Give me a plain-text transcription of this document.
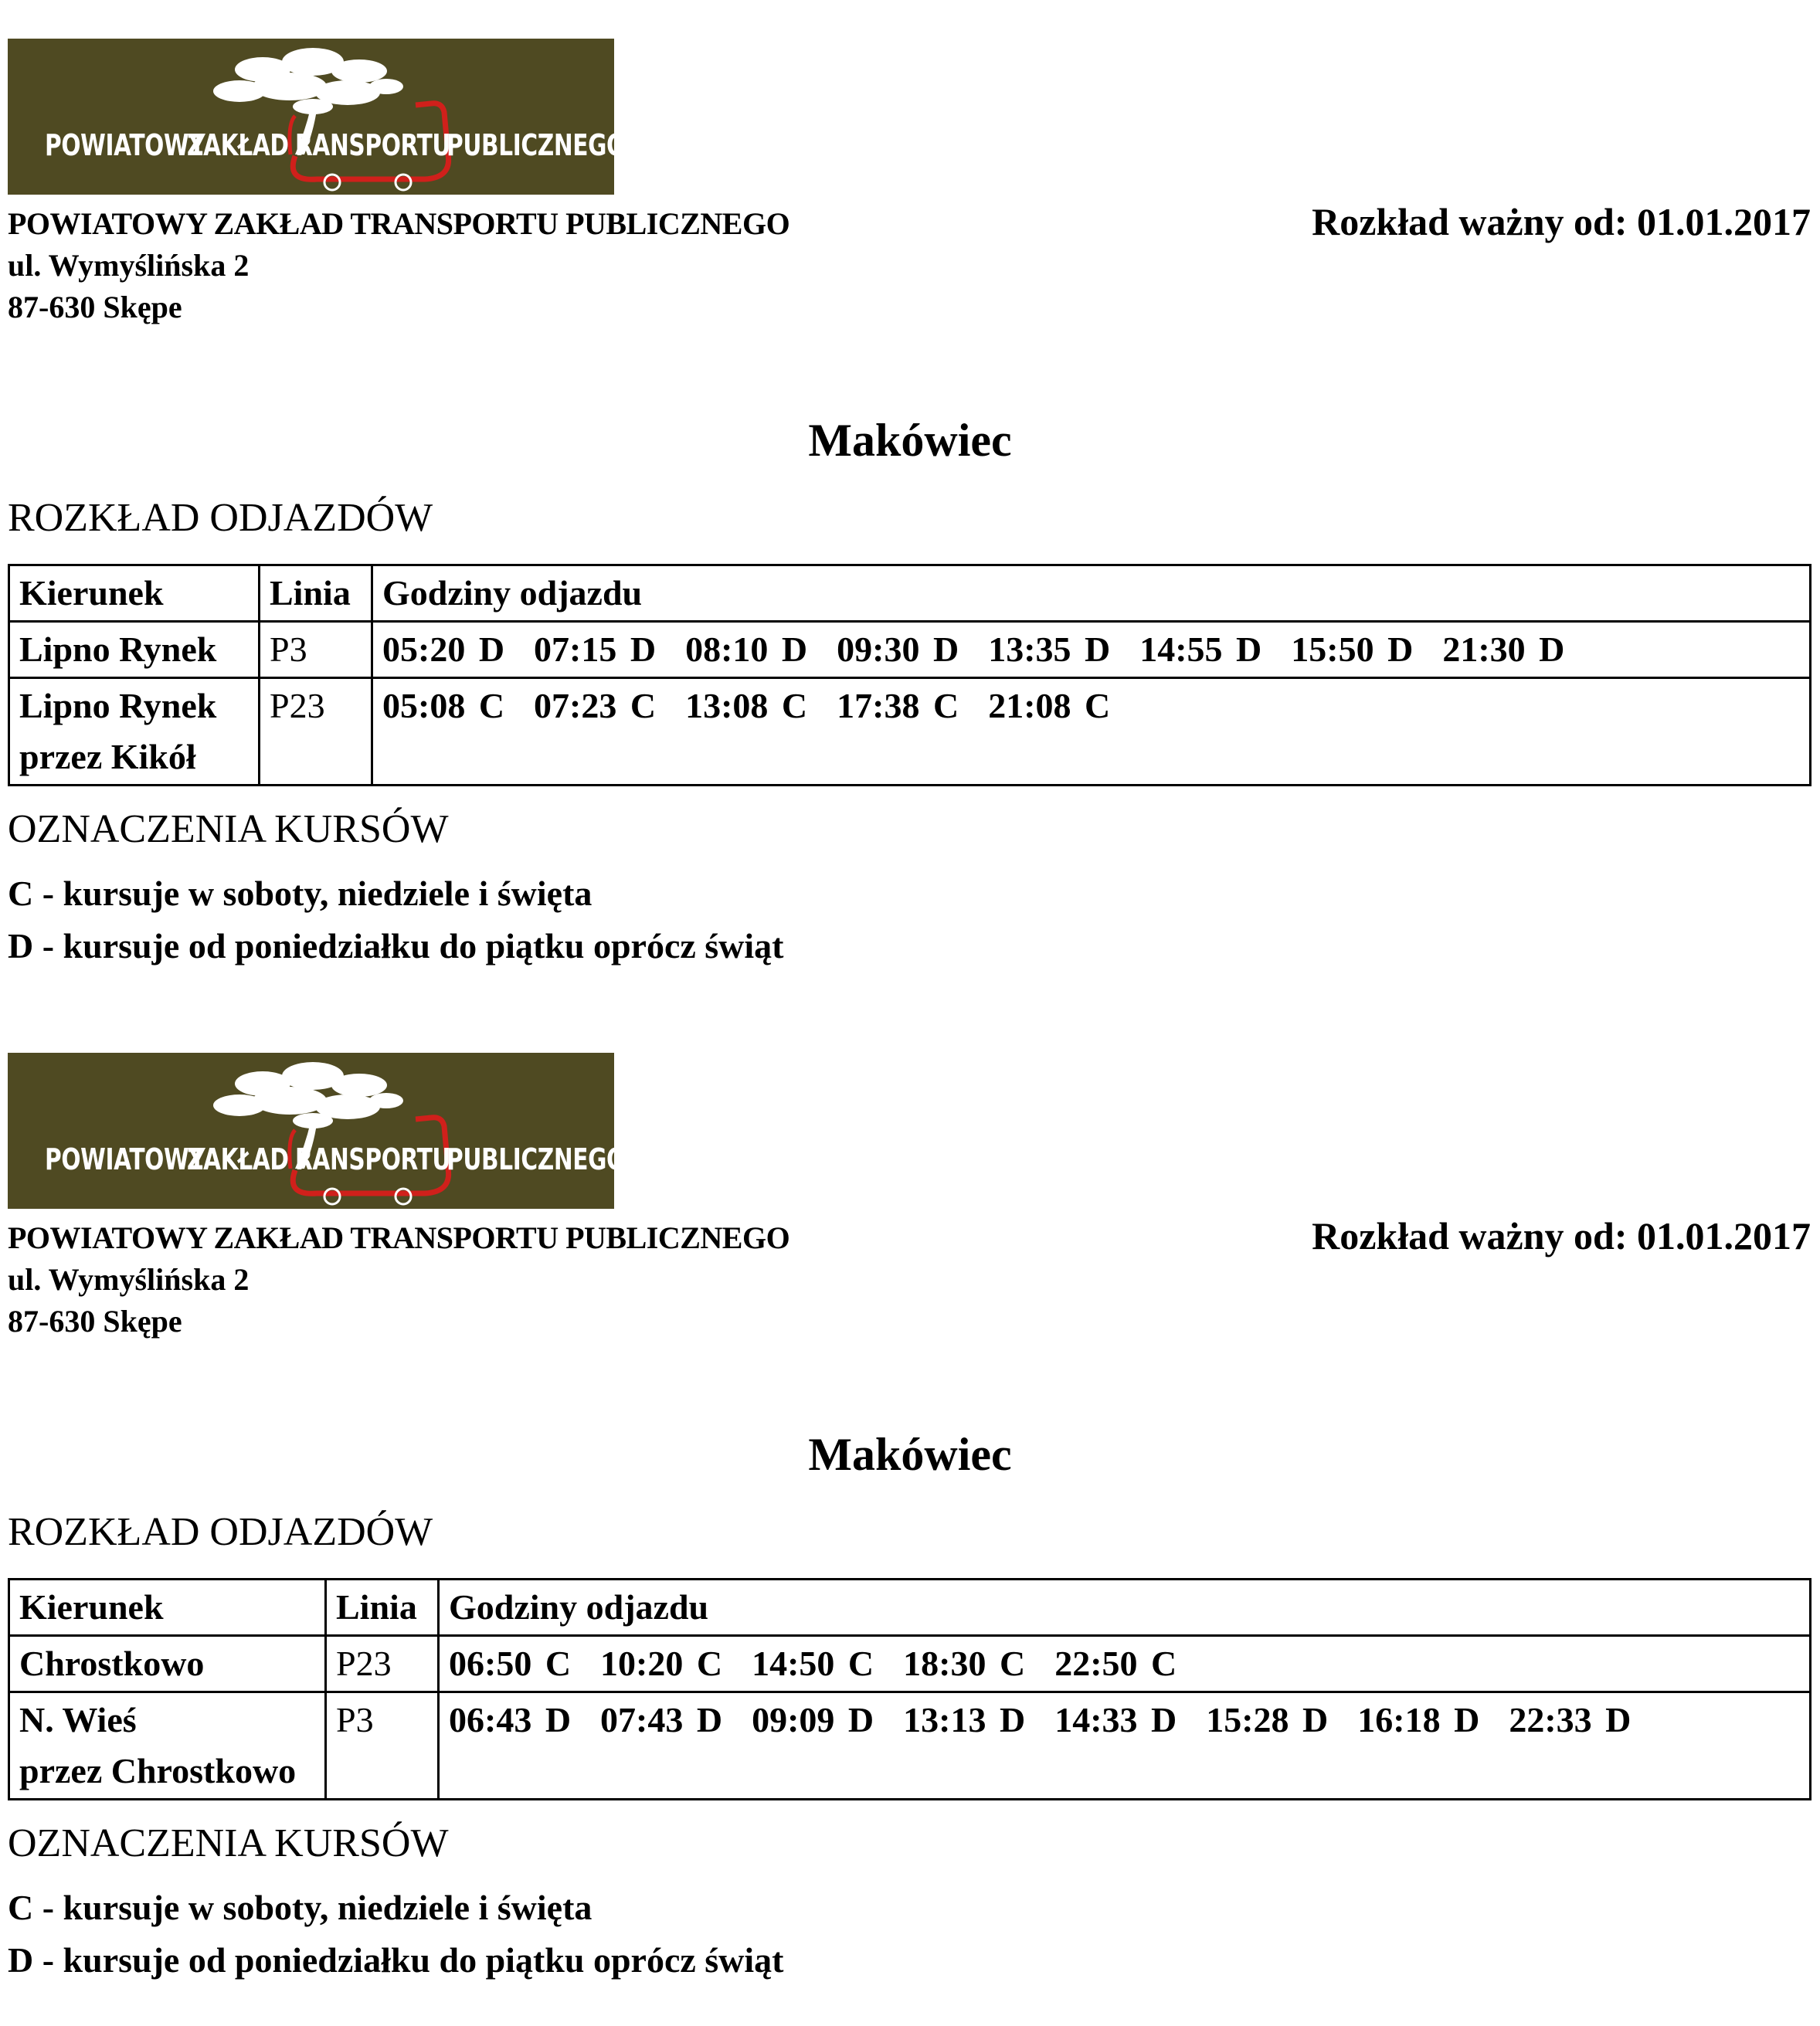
POWIATOWY
ZAKŁAD RANSPORTU
PUBLICZNEGO
POWIATOWY ZAKŁAD TRANSPORTU PUBLICZNEGO
ul. Wymyślińska 2
87-630 Skępe
Rozkład ważny od: 01.01.2017
Makówiec
ROZKŁAD ODJAZDÓW
Kierunek	Linia	Godziny odjazdu
Lipno Rynek	P3	05:20 D 07:15 D 08:10 D 09:30 D 13:35 D 14:55 D 15:50 D 21:30 D
Lipno Rynek
przez Kikół	P23	05:08 C 07:23 C 13:08 C 17:38 C 21:08 C
OZNACZENIA KURSÓW
C - kursuje w soboty, niedziele i święta
D - kursuje od poniedziałku do piątku oprócz świąt
POWIATOWY
ZAKŁAD RANSPORTU
PUBLICZNEGO
POWIATOWY ZAKŁAD TRANSPORTU PUBLICZNEGO
ul. Wymyślińska 2
87-630 Skępe
Rozkład ważny od: 01.01.2017
Makówiec
ROZKŁAD ODJAZDÓW
Kierunek	Linia	Godziny odjazdu
Chrostkowo	P23	06:50 C 10:20 C 14:50 C 18:30 C 22:50 C
N. Wieś
przez Chrostkowo	P3	06:43 D 07:43 D 09:09 D 13:13 D 14:33 D 15:28 D 16:18 D 22:33 D
OZNACZENIA KURSÓW
C - kursuje w soboty, niedziele i święta
D - kursuje od poniedziałku do piątku oprócz świąt
